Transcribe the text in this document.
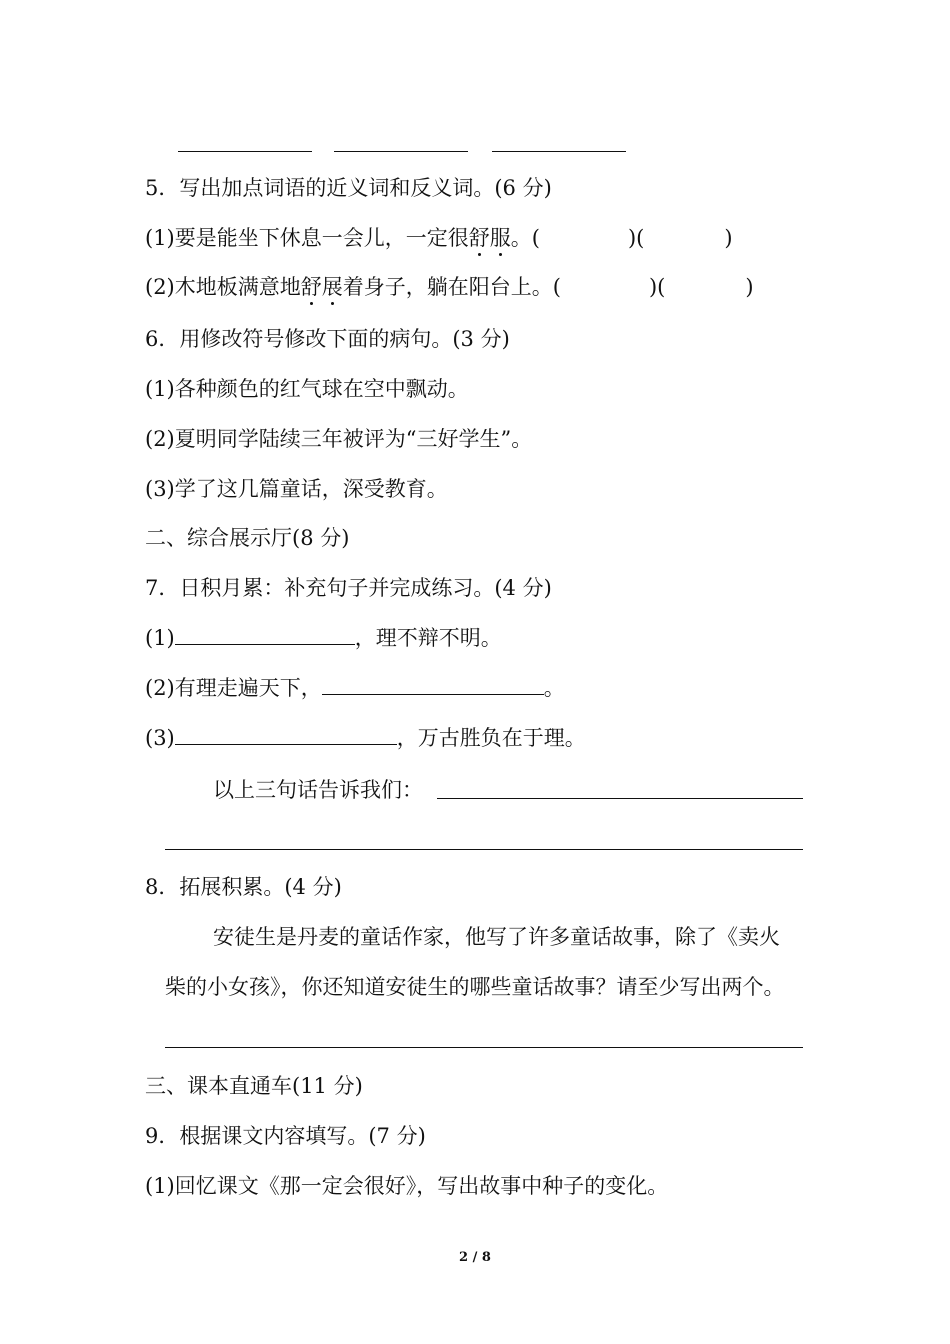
5．写出加点词语的近义词和反义词。(6 分)
(1)要是能坐下休息一会儿，一定很舒服。(	)(	)
(2)木地板满意地舒展着身子，躺在阳台上。(	)(	)
6．用修改符号修改下面的病句。(3 分)
(1)各种颜色的红气球在空中飘动。
(2)夏明同学陆续三年被评为“三好学生”。
(3)学了这几篇童话，深受教育。
二、综合展示厅(8 分)
7．日积月累：补充句子并完成练习。(4 分)
(1)	，理不辩不明。
(2)有理走遍天下，	。
(3)	，万古胜负在于理。
以上三句话告诉我们：
8．拓展积累。(4 分)
安徒生是丹麦的童话作家，他写了许多童话故事，除了《卖火
柴的小女孩》，你还知道安徒生的哪些童话故事？请至少写出两个。
三、课本直通车(11 分)
9．根据课文内容填写。(7 分)
(1)回忆课文《那一定会很好》，写出故事中种子的变化。
2 / 8
